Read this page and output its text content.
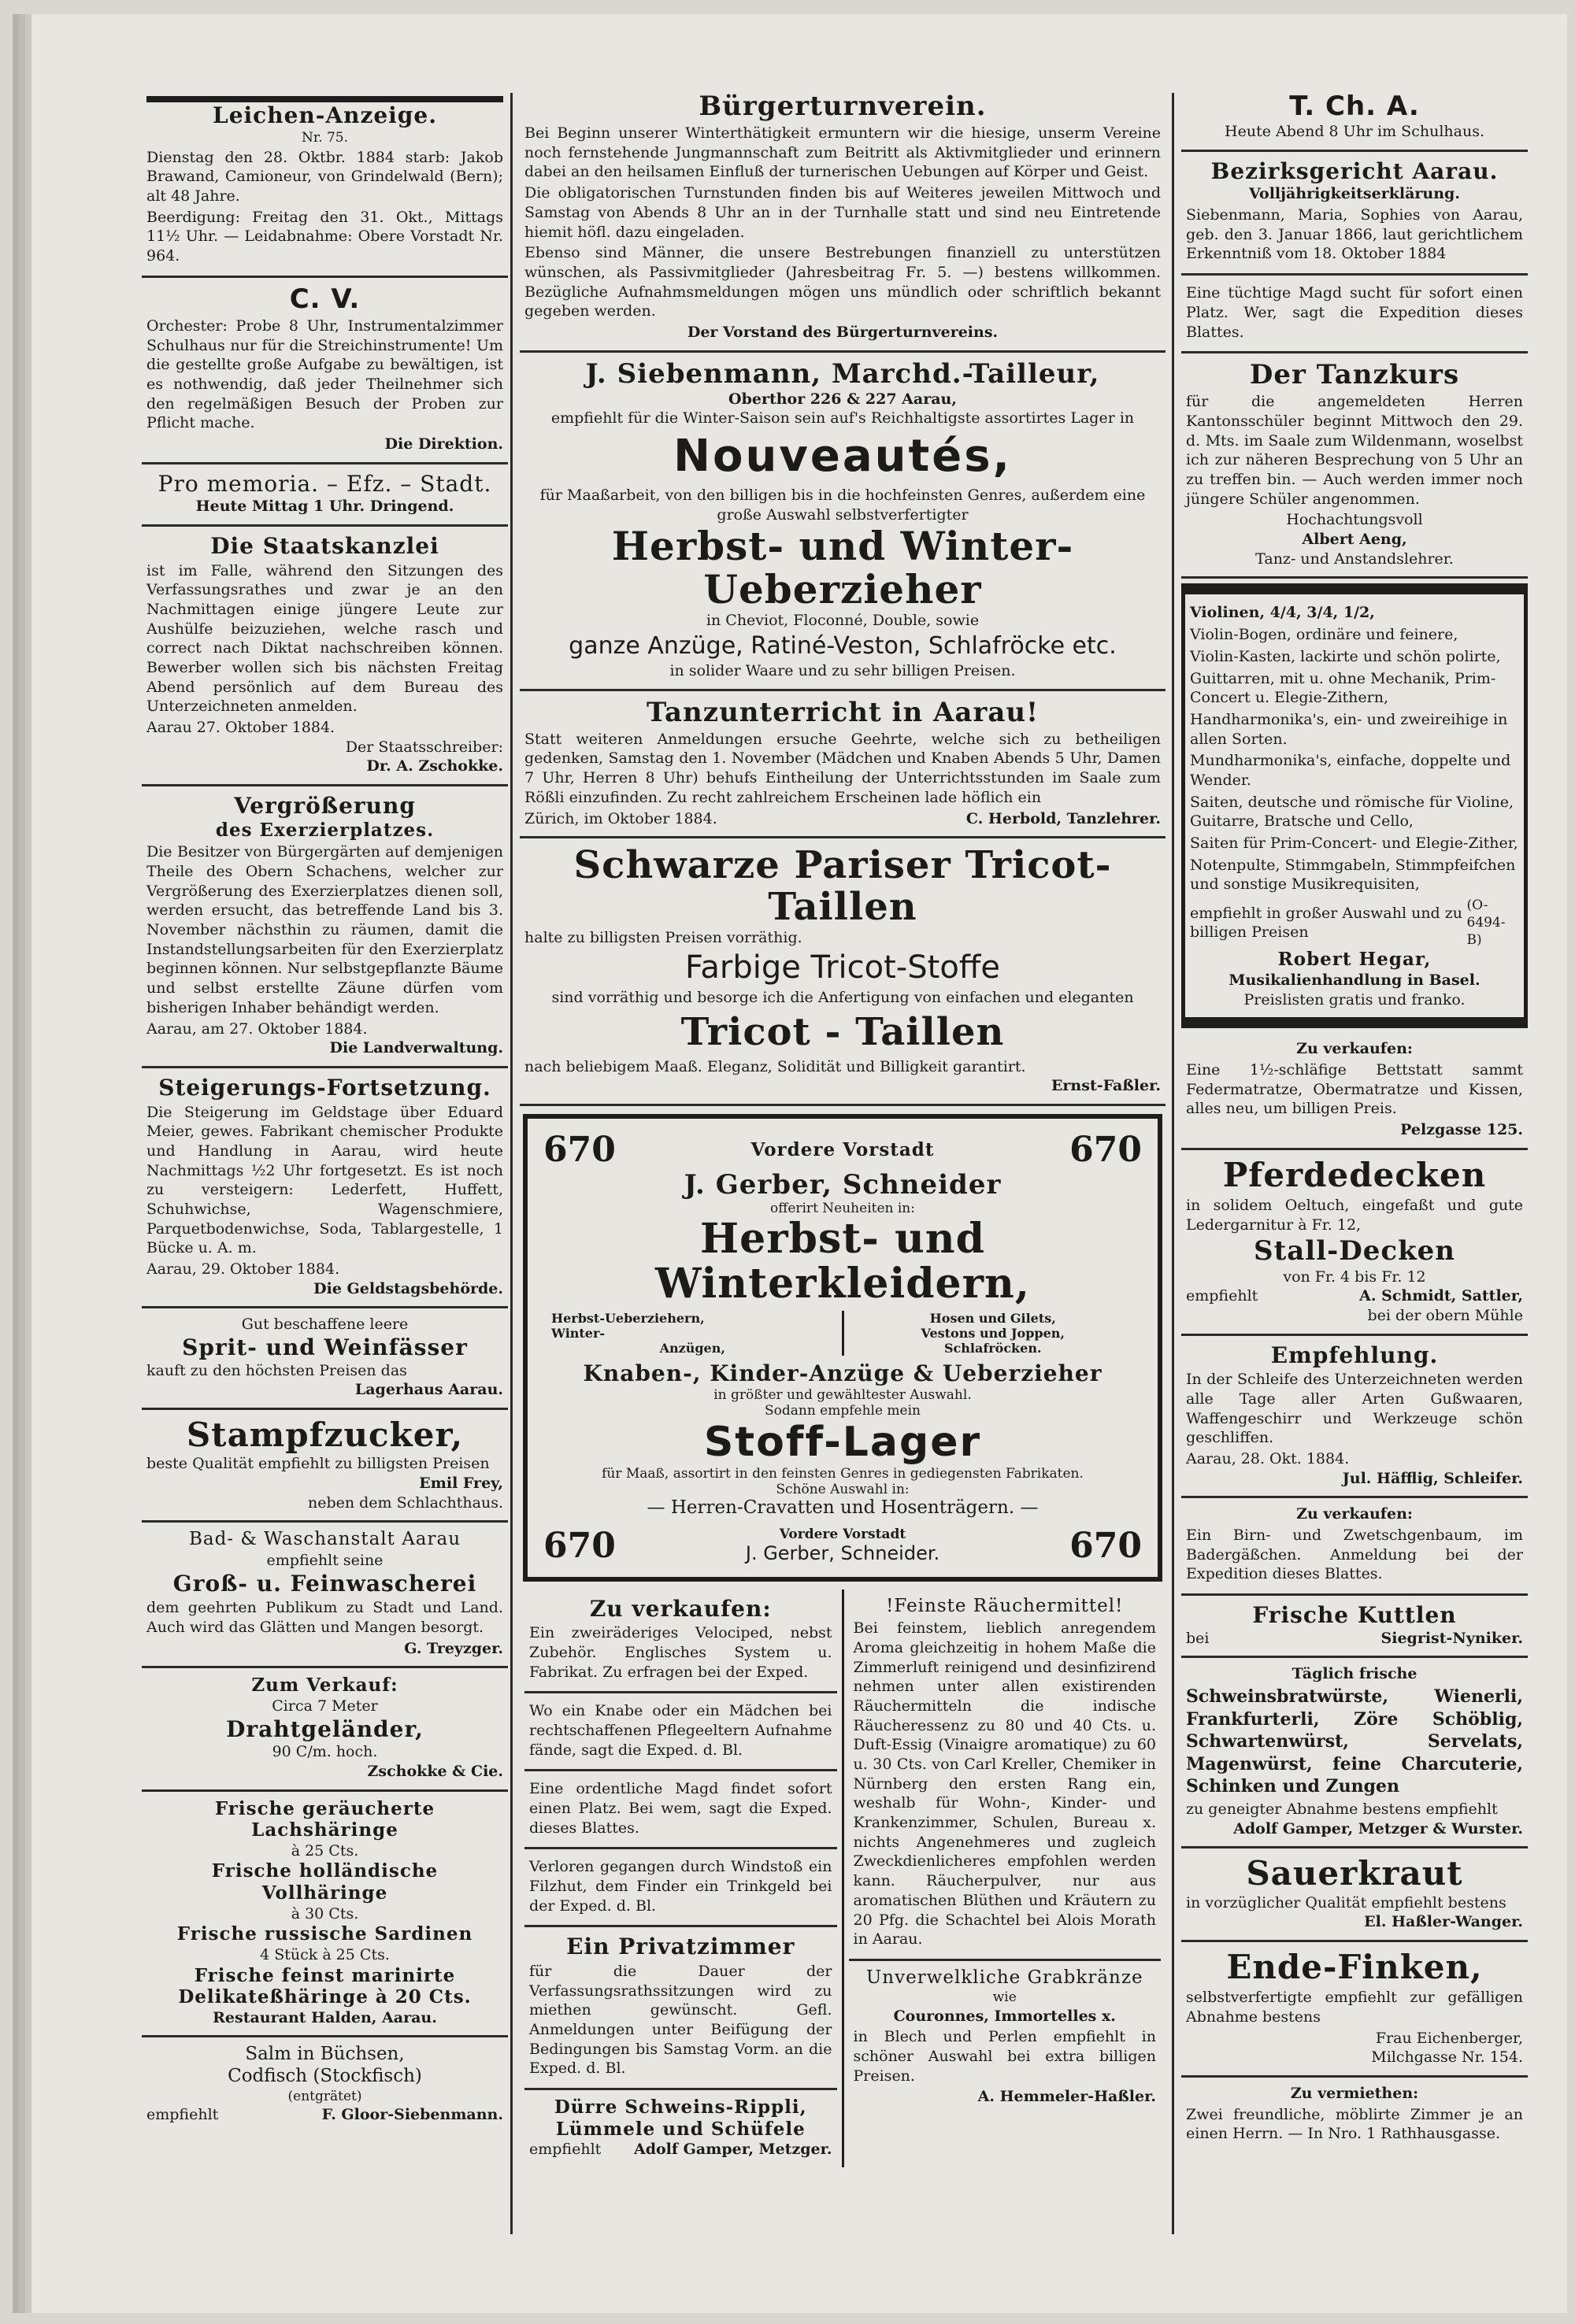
Leichen-Anzeige.
Nr. 75.

Dienstag den 28. Oktbr. 1884 starb: Jakob Brawand, Camioneur, von Grindelwald (Bern); alt 48 Jahre.

Beerdigung: Freitag den 31. Okt., Mittags 11½ Uhr. — Leidabnahme: Obere Vorstadt Nr. 964.

C. V.

Orchester: Probe 8 Uhr, Instrumentalzimmer Schulhaus nur für die Streichinstrumente! Um die gestellte große Aufgabe zu bewältigen, ist es nothwendig, daß jeder Theilnehmer sich den regelmäßigen Besuch der Proben zur Pflicht mache.

Die Direktion.
Pro memoria. – Efz. – Stadt.
Heute Mittag 1 Uhr. Dringend.
Die Staatskanzlei

ist im Falle, während den Sitzungen des Verfassungsrathes und zwar je an den Nachmittagen einige jüngere Leute zur Aushülfe beizuziehen, welche rasch und correct nach Diktat nachschreiben können. Bewerber wollen sich bis nächsten Freitag Abend persönlich auf dem Bureau des Unterzeichneten anmelden.

Aarau 27. Oktober 1884.
Der Staatsschreiber:
Dr. A. Zschokke.
Vergrößerung
des Exerzierplatzes.

Die Besitzer von Bürgergärten auf demjenigen Theile des Obern Schachens, welcher zur Vergrößerung des Exerzierplatzes dienen soll, werden ersucht, das betreffende Land bis 3. November nächsthin zu räumen, damit die Instandstellungsarbeiten für den Exerzierplatz beginnen können. Nur selbstgepflanzte Bäume und selbst erstellte Zäune dürfen vom bisherigen Inhaber behändigt werden.

Aarau, am 27. Oktober 1884.
Die Landverwaltung.
Steigerungs-Fortsetzung.

Die Steigerung im Geldstage über Eduard Meier, gewes. Fabrikant chemischer Produkte und Handlung in Aarau, wird heute Nachmittags ½2 Uhr fortgesetzt. Es ist noch zu versteigern: Lederfett, Huffett, Schuhwichse, Wagenschmiere, Parquetbodenwichse, Soda, Tablargestelle, 1 Bücke u. A. m.

Aarau, 29. Oktober 1884.
Die Geldstagsbehörde.
Gut beschaffene leere
Sprit- und Weinfässer
kauft zu den höchsten Preisen das
Lagerhaus Aarau.
Stampfzucker,
beste Qualität empfiehlt zu billigsten Preisen
Emil Frey,
neben dem Schlachthaus.
Bad- & Waschanstalt Aarau
empfiehlt seine
Groß- u. Feinwascherei

dem geehrten Publikum zu Stadt und Land. Auch wird das Glätten und Mangen besorgt.

G. Treyzger.
Zum Verkauf:
Circa 7 Meter
Drahtgeländer,
90 C/m. hoch.
Zschokke & Cie.
Frische geräucherte Lachshäringe
à 25 Cts.
Frische holländische Vollhäringe
à 30 Cts.
Frische russische Sardinen
4 Stück à 25 Cts.
Frische feinst marinirte Delikateßhäringe à 20 Cts.
Restaurant Halden, Aarau.
Salm in Büchsen,
Codfisch (Stockfisch)
(entgrätet)
empfiehlt	F. Gloor-Siebenmann.
Bürgerturnverein.

Bei Beginn unserer Winterthätigkeit ermuntern wir die hiesige, unserm Vereine noch fernstehende Jungmannschaft zum Beitritt als Aktivmitglieder und erinnern dabei an den heilsamen Einfluß der turnerischen Uebungen auf Körper und Geist.

Die obligatorischen Turnstunden finden bis auf Weiteres jeweilen Mittwoch und Samstag von Abends 8 Uhr an in der Turnhalle statt und sind neu Eintretende hiemit höfl. dazu eingeladen.

Ebenso sind Männer, die unsere Bestrebungen finanziell zu unterstützen wünschen, als Passivmitglieder (Jahresbeitrag Fr. 5. —) bestens willkommen. Bezügliche Aufnahmsmeldungen mögen uns mündlich oder schriftlich bekannt gegeben werden.

Der Vorstand des Bürgerturnvereins.
J. Siebenmann, Marchd.-Tailleur,
Oberthor 226 & 227 Aarau,
empfiehlt für die Winter-Saison sein auf's Reichhaltigste assortirtes Lager in
Nouveautés,
für Maaßarbeit, von den billigen bis in die hochfeinsten Genres, außerdem eine große Auswahl selbstverfertigter
Herbst- und Winter-Ueberzieher
in Cheviot, Floconné, Double, sowie
ganze Anzüge, Ratiné-Veston, Schlafröcke etc.
in solider Waare und zu sehr billigen Preisen.
Tanzunterricht in Aarau!

Statt weiteren Anmeldungen ersuche Geehrte, welche sich zu betheiligen gedenken, Samstag den 1. November (Mädchen und Knaben Abends 5 Uhr, Damen 7 Uhr, Herren 8 Uhr) behufs Eintheilung der Unterrichtsstunden im Saale zum Rößli einzufinden. Zu recht zahlreichem Erscheinen lade höflich ein

Zürich, im Oktober 1884.	C. Herbold, Tanzlehrer.
Schwarze Pariser Tricot-Taillen
halte zu billigsten Preisen vorräthig.
Farbige Tricot-Stoffe
sind vorräthig und besorge ich die Anfertigung von einfachen und eleganten
Tricot - Taillen
nach beliebigem Maaß. Eleganz, Solidität und Billigkeit garantirt.
Ernst-Faßler.
670	Vordere Vorstadt	670
J. Gerber, Schneider
offerirt Neuheiten in:
Herbst- und Winterkleidern,
Herbst-Ueberziehern,
Winter-
Anzügen,
Hosen und Gilets,
Vestons und Joppen,
Schlafröcken.
Knaben-, Kinder-Anzüge & Ueberzieher
in größter und gewähltester Auswahl.
Sodann empfehle mein
Stoff-Lager
für Maaß, assortirt in den feinsten Genres in gediegensten Fabrikaten.
Schöne Auswahl in:
— Herren-Cravatten und Hosenträgern. —
670	Vordere Vorstadt
J. Gerber, Schneider.	670
Zu verkaufen:

Ein zweiräderiges Velociped, nebst Zubehör. Englisches System u. Fabrikat. Zu erfragen bei der Exped.

Wo ein Knabe oder ein Mädchen bei rechtschaffenen Pflegeeltern Aufnahme fände, sagt die Exped. d. Bl.

Eine ordentliche Magd findet sofort einen Platz. Bei wem, sagt die Exped. dieses Blattes.

Verloren gegangen durch Windstoß ein Filzhut, dem Finder ein Trinkgeld bei der Exped. d. Bl.

Ein Privatzimmer

für die Dauer der Verfassungsrathssitzungen wird zu miethen gewünscht. Gefl. Anmeldungen unter Beifügung der Bedingungen bis Samstag Vorm. an die Exped. d. Bl.

Dürre Schweins-Rippli, Lümmele und Schüfele
empfiehlt Adolf Gamper, Metzger.
!Feinste Räuchermittel!

Bei feinstem, lieblich anregendem Aroma gleichzeitig in hohem Maße die Zimmerluft reinigend und desinfizirend nehmen unter allen existirenden Räuchermitteln die indische Räucheressenz zu 80 und 40 Cts. u. Duft-Essig (Vinaigre aromatique) zu 60 u. 30 Cts. von Carl Kreller, Chemiker in Nürnberg den ersten Rang ein, weshalb für Wohn-, Kinder- und Krankenzimmer, Schulen, Bureau x. nichts Angenehmeres und zugleich Zweckdienlicheres empfohlen werden kann. Räucherpulver, nur aus aromatischen Blüthen und Kräutern zu 20 Pfg. die Schachtel bei Alois Morath in Aarau.

Unverwelkliche Grabkränze
wie
Couronnes, Immortelles x.

in Blech und Perlen empfiehlt in schöner Auswahl bei extra billigen Preisen.

A. Hemmeler-Haßler.
T. Ch. A.
Heute Abend 8 Uhr im Schulhaus.
Bezirksgericht Aarau.
Volljährigkeitserklärung.

Siebenmann, Maria, Sophies von Aarau, geb. den 3. Januar 1866, laut gerichtlichem Erkenntniß vom 18. Oktober 1884

Eine tüchtige Magd sucht für sofort einen Platz. Wer, sagt die Expedition dieses Blattes.

Der Tanzkurs

für die angemeldeten Herren Kantonsschüler beginnt Mittwoch den 29. d. Mts. im Saale zum Wildenmann, woselbst ich zur näheren Besprechung von 5 Uhr an zu treffen bin. — Auch werden immer noch jüngere Schüler angenommen.

Hochachtungsvoll
Albert Aeng,
Tanz- und Anstandslehrer.
Violinen, 4/4, 3/4, 1/2,
Violin-Bogen, ordinäre und feinere,
Violin-Kasten, lackirte und schön polirte,
Guittarren, mit u. ohne Mechanik, Prim-Concert u. Elegie-Zithern,
Handharmonika's, ein- und zweireihige in allen Sorten.
Mundharmonika's, einfache, doppelte und Wender.
Saiten, deutsche und römische für Violine, Guitarre, Bratsche und Cello,
Saiten für Prim-Concert- und Elegie-Zither,
Notenpulte, Stimmgabeln, Stimmpfeifchen und sonstige Musikrequisiten,
empfiehlt in großer Auswahl und zu billigen Preisen
(O-6494-B)
Robert Hegar,
Musikalienhandlung in Basel.
Preislisten gratis und franko.
Zu verkaufen:

Eine 1½-schläfige Bettstatt sammt Federmatratze, Obermatratze und Kissen, alles neu, um billigen Preis.

Pelzgasse 125.
Pferdedecken

in solidem Oeltuch, eingefaßt und gute Ledergarnitur à Fr. 12,

Stall-Decken
von Fr. 4 bis Fr. 12
empfiehlt	A. Schmidt, Sattler,
bei der obern Mühle
Empfehlung.

In der Schleife des Unterzeichneten werden alle Tage aller Arten Gußwaaren, Waffengeschirr und Werkzeuge schön geschliffen.

Aarau, 28. Okt. 1884.
Jul. Häfflig, Schleifer.
Zu verkaufen:

Ein Birn- und Zwetschgenbaum, im Badergäßchen. Anmeldung bei der Expedition dieses Blattes.

Frische Kuttlen
bei	Siegrist-Nyniker.
Täglich frische

Schweinsbratwürste, Wienerli, Frankfurterli, Zöre Schöblig, Schwartenwürst, Servelats, Magenwürst, feine Charcuterie, Schinken und Zungen

zu geneigter Abnahme bestens empfiehlt
Adolf Gamper, Metzger & Wurster.
Sauerkraut
in vorzüglicher Qualität empfiehlt bestens
El. Haßler-Wanger.
Ende-Finken,

selbstverfertigte empfiehlt zur gefälligen Abnahme bestens

Frau Eichenberger,
Milchgasse Nr. 154.
Zu vermiethen:

Zwei freundliche, möblirte Zimmer je an einen Herrn. — In Nro. 1 Rathhausgasse.
